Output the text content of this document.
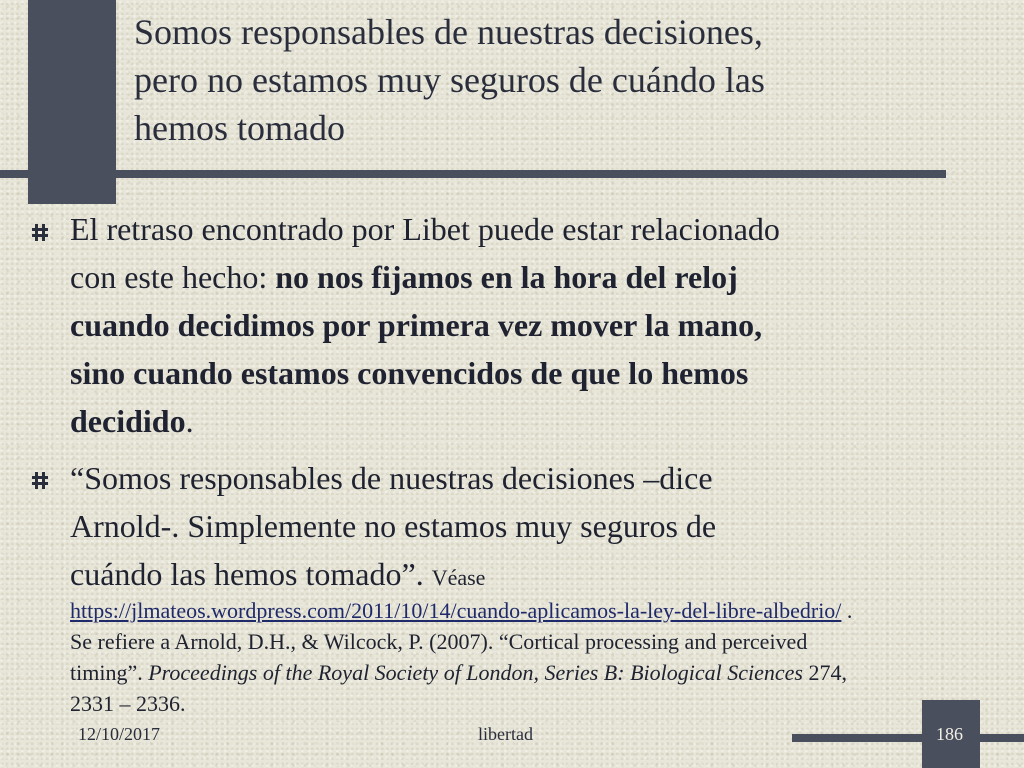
Somos responsables de nuestras decisiones,
pero no estamos muy seguros de cuándo las
hemos tomado
El retraso encontrado por Libet puede estar relacionado
con este hecho: no nos fijamos en la hora del reloj
cuando decidimos por primera vez mover la mano,
sino cuando estamos convencidos de que lo hemos
decidido.
“Somos responsables de nuestras decisiones –dice
Arnold-. Simplemente no estamos muy seguros de
cuándo las hemos tomado”. Véase
https://jlmateos.wordpress.com/2011/10/14/cuando-aplicamos-la-ley-del-libre-albedrio/ .
Se refiere a Arnold, D.H., & Wilcock, P. (2007). “Cortical processing and perceived
timing”. Proceedings of the Royal Society of London, Series B: Biological Sciences 274,
2331 – 2336.
12/10/2017	libertad	186
